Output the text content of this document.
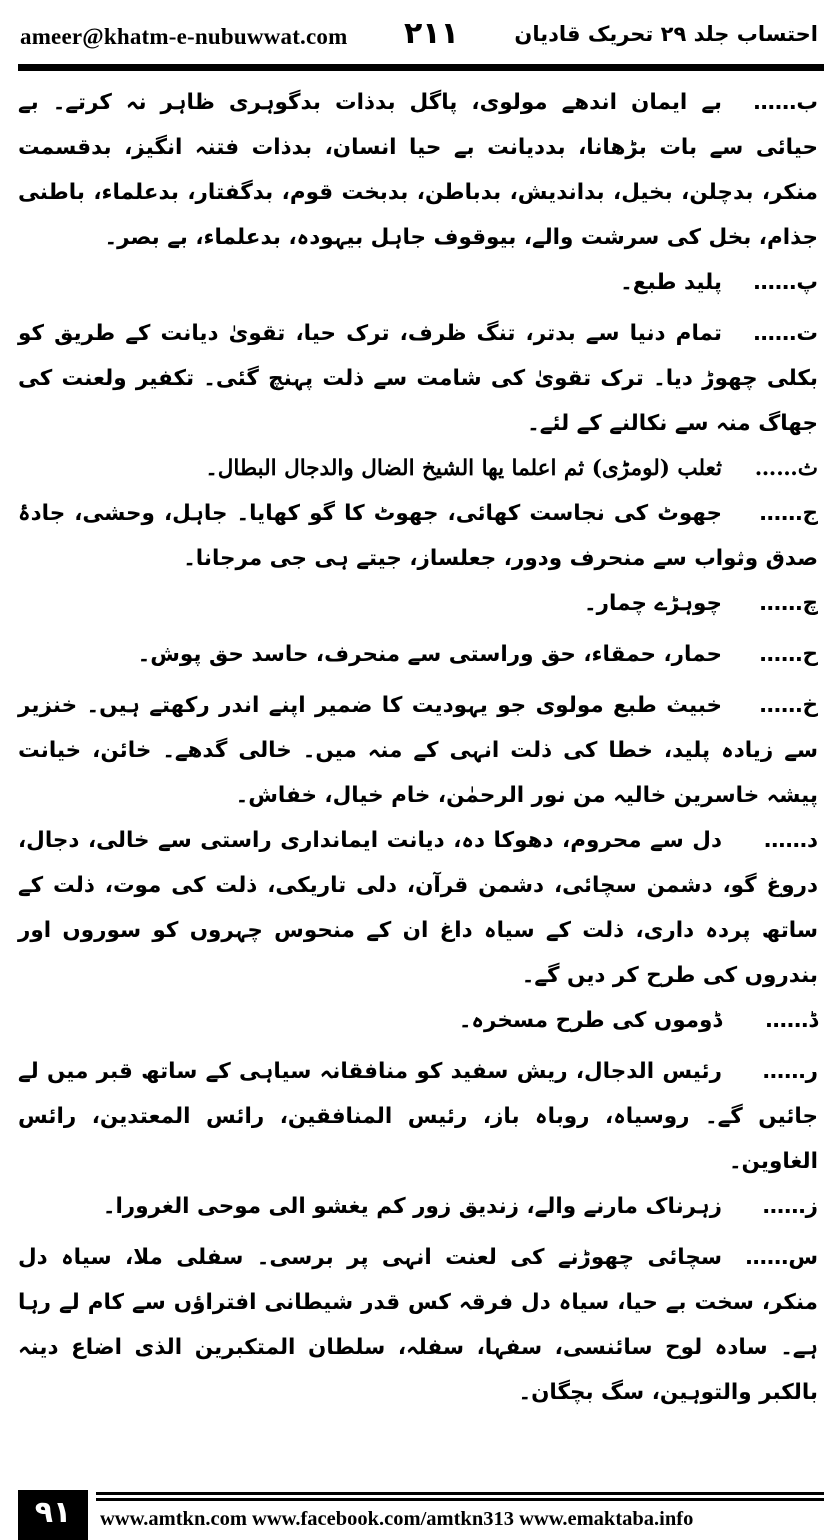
ameer@khatm-e-nubuwwat.com ۲۱۱	احتساب جلد ۲۹ تحریک قادیان

ب……بے ایمان اندھے مولوی، پاگل بدذات بدگوہری ظاہر نہ کرتے۔ بے حیائی سے بات بڑھانا، بددیانت بے حیا انسان، بدذات فتنہ انگیز، بدقسمت منکر، بدچلن، بخیل، بداندیش، بدباطن، بدبخت قوم، بدگفتار، بدعلماء، باطنی جذام، بخل کی سرشت والے، بیوقوف جاہل بیہودہ، بدعلماء، بے بصر۔

پ……پلید طبع۔

ت……تمام دنیا سے بدتر، تنگ ظرف، ترک حیا، تقویٰ دیانت کے طریق کو بکلی چھوڑ دیا۔ ترک تقویٰ کی شامت سے ذلت پہنچ گئی۔ تکفیر ولعنت کی جھاگ منہ سے نکالنے کے لئے۔

ث……ثعلب (لومڑی) ثم اعلما یھا الشیخ الضال والدجال البطال۔

ج……جھوٹ کی نجاست کھائی، جھوٹ کا گو کھایا۔ جاہل، وحشی، جادۂ صدق وثواب سے منحرف ودور، جعلساز، جیتے ہی جی مرجانا۔

چ……چوہڑے چمار۔

ح……حمار، حمقاء، حق وراستی سے منحرف، حاسد حق پوش۔

خ……خبیث طبع مولوی جو یہودیت کا ضمیر اپنے اندر رکھتے ہیں۔ خنزیر سے زیادہ پلید، خطا کی ذلت انہی کے منہ میں۔ خالی گدھے۔ خائن، خیانت پیشہ خاسرین خالیہ من نور الرحمٰن، خام خیال، خفاش۔

د……دل سے محروم، دھوکا دہ، دیانت ایمانداری راستی سے خالی، دجال، دروغ گو، دشمن سچائی، دشمن قرآن، دلی تاریکی، ذلت کی موت، ذلت کے ساتھ پردہ داری، ذلت کے سیاہ داغ ان کے منحوس چہروں کو سوروں اور بندروں کی طرح کر دیں گے۔

ڈ……ڈوموں کی طرح مسخرہ۔

ر……رئیس الدجال، ریش سفید کو منافقانہ سیاہی کے ساتھ قبر میں لے جائیں گے۔ روسیاہ، روباہ باز، رئیس المنافقین، رائس المعتدین، رائس الغاوین۔

ز……زہرناک مارنے والے، زندیق زور کم یغشو الی موحی الغرورا۔

س……سچائی چھوڑنے کی لعنت انہی پر برسی۔ سفلی ملا، سیاہ دل منکر، سخت بے حیا، سیاہ دل فرقہ کس قدر شیطانی افتراؤں سے کام لے رہا ہے۔ سادہ لوح سائنسی، سفہا، سفلہ، سلطان المتکبرین الذی اضاع دینہ بالکبر والتوہین، سگ بچگان۔

۹۱	www.amtkn.com www.facebook.com/amtkn313 www.emaktaba.info
